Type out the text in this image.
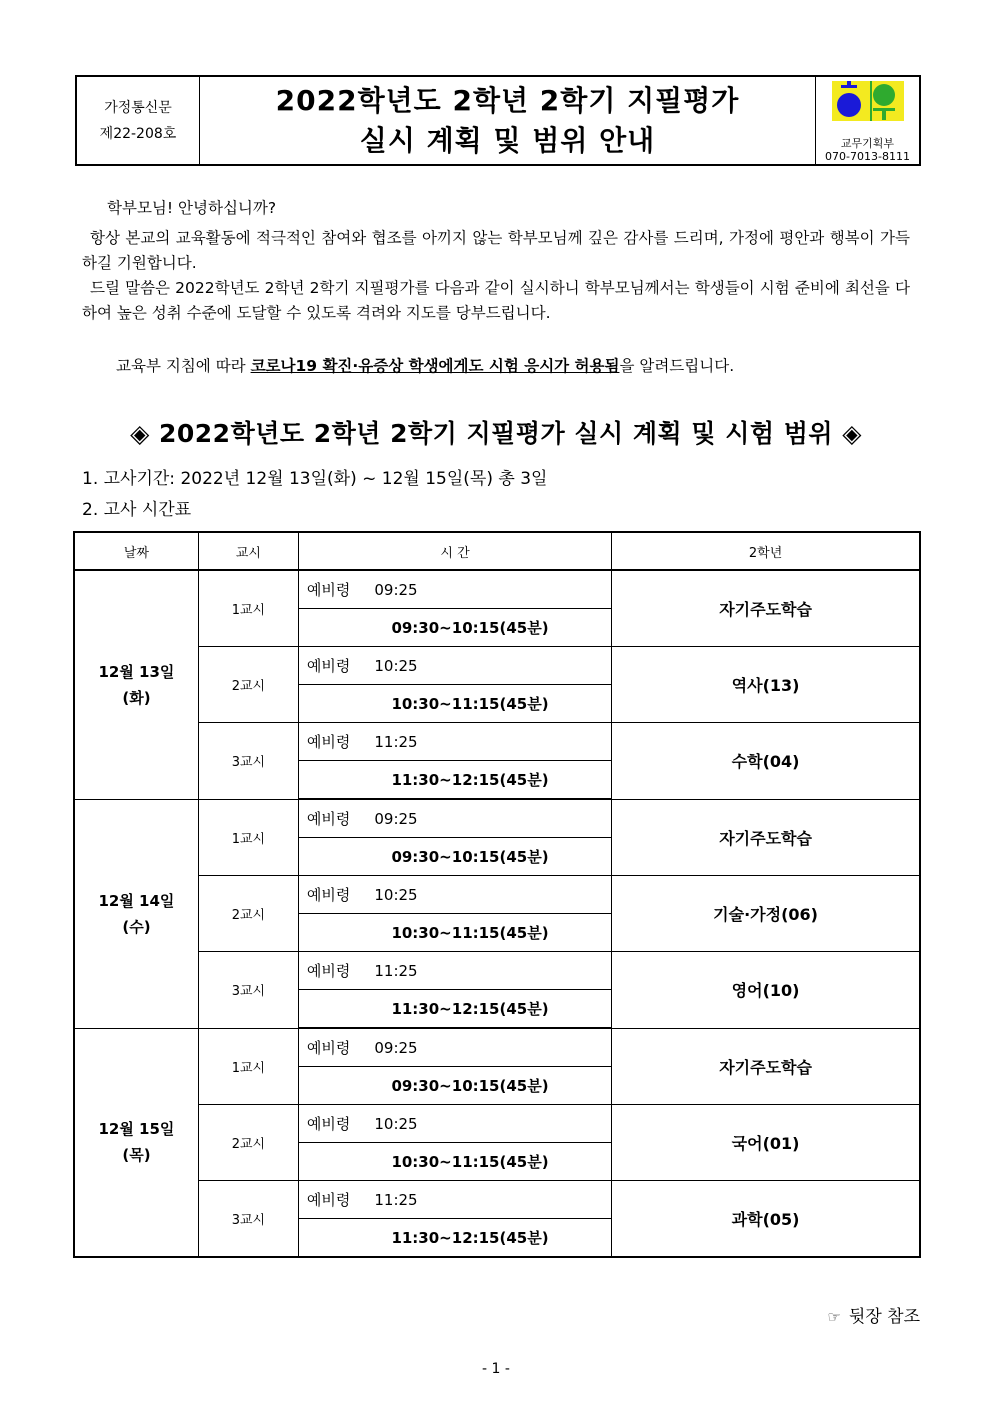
가정통신문
제22-208호
2022학년도 2학년 2학기 지필평가
실시 계획 및 범위 안내	교무기획부
070-7013-8111
학부모님! 안녕하십니까?
항상 본교의 교육활동에 적극적인 참여와 협조를 아끼지 않는 학부모님께 깊은 감사를 드리며, 가정에 평안과 행복이 가득하길 기원합니다.
드릴 말씀은 2022학년도 2학년 2학기 지필평가를 다음과 같이 실시하니 학부모님께서는 학생들이 시험 준비에 최선을 다하여 높은 성취 수준에 도달할 수 있도록 격려와 지도를 당부드립니다.
교육부 지침에 따라 코로나19 확진·유증상 학생에게도 시험 응시가 허용됨을 알려드립니다.
◈ 2022학년도 2학년 2학기 지필평가 실시 계획 및 시험 범위 ◈
1. 고사기간: 2022년 12월 13일(화) ~ 12월 15일(목) 총 3일
2. 고사 시간표
날짜	교시	시 간	2학년

12월 13일
(화)	1교시	예비령 09:25	자기주도학습
		09:30~10:15(45분)	
	2교시	예비령 10:25	역사(13)
		10:30~11:15(45분)	
	3교시	예비령 11:25	수학(04)
		11:30~12:15(45분)	

12월 14일
(수)	1교시	예비령 09:25	자기주도학습
		09:30~10:15(45분)	
	2교시	예비령 10:25	기술·가정(06)
		10:30~11:15(45분)	
	3교시	예비령 11:25	영어(10)
		11:30~12:15(45분)	

12월 15일
(목)	1교시	예비령 09:25	자기주도학습
		09:30~10:15(45분)	
	2교시	예비령 10:25	국어(01)
		10:30~11:15(45분)	
	3교시	예비령 11:25	과학(05)
		11:30~12:15(45분)	
☞ 뒷장 참조
- 1 -
